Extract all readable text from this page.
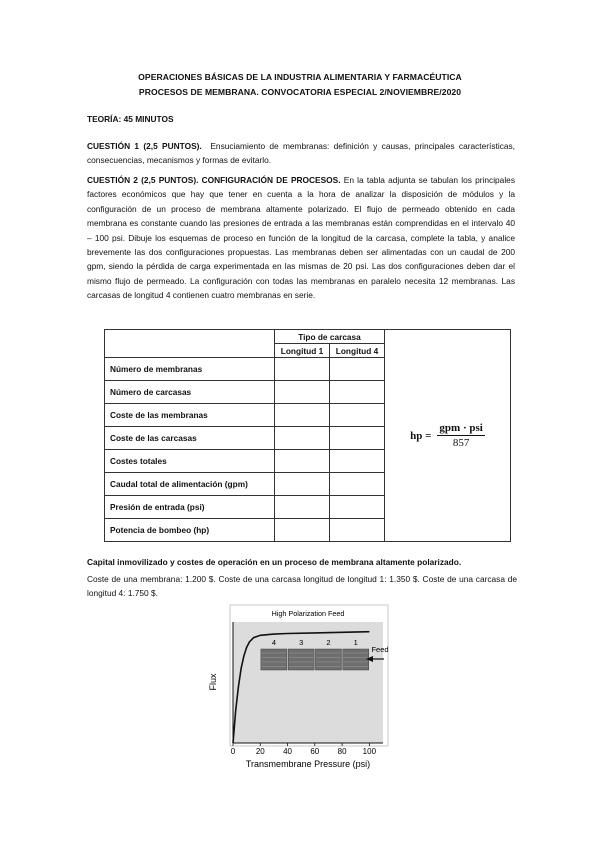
OPERACIONES BÁSICAS DE LA INDUSTRIA ALIMENTARIA Y FARMACÉUTICA
PROCESOS DE MEMBRANA. CONVOCATORIA ESPECIAL 2/NOVIEMBRE/2020
TEORÍA: 45 MINUTOS
CUESTIÓN 1 (2,5 PUNTOS). Ensuciamiento de membranas: definición y causas, principales características, consecuencias, mecanismos y formas de evitarlo.
CUESTIÓN 2 (2,5 PUNTOS). CONFIGURACIÓN DE PROCESOS. En la tabla adjunta se tabulan los principales factores económicos que hay que tener en cuenta a la hora de analizar la disposición de módulos y la configuración de un proceso de membrana altamente polarizado. El flujo de permeado obtenido en cada membrana es constante cuando las presiones de entrada a las membranas están comprendidas en el intervalo 40 – 100 psi. Dibuje los esquemas de proceso en función de la longitud de la carcasa, complete la tabla, y analice brevemente las dos configuraciones propuestas. Las membranas deben ser alimentadas con un caudal de 200 gpm, siendo la pérdida de carga experimentada en las mismas de 20 psi. Las dos configuraciones deben dar el mismo flujo de permeado. La configuración con todas las membranas en paralelo necesita 12 membranas. Las carcasas de longitud 4 contienen cuatro membranas en serie.
	Tipo de carcasa		hp = $\frac{\text{gpm · psi}}{857}$

	Longitud 1	Longitud 4	
Número de membranas			
Número de carcasas			
Coste de las membranas			
Coste de las carcasas			
Costes totales			
Caudal total de alimentación (gpm)			
Presión de entrada (psi)			
Potencia de bombeo (hp)			
Capital inmovilizado y costes de operación en un proceso de membrana altamente polarizado.
Coste de una membrana: 1.200 $. Coste de una carcasa longitud de longitud 1: 1.350 $. Coste de una carcasa de longitud 4: 1.750 $.
High Polarization Feed
Flux
Transmembrane Pressure (psi)
0	20 40 60 80 100
4	3	2	1
Feed
